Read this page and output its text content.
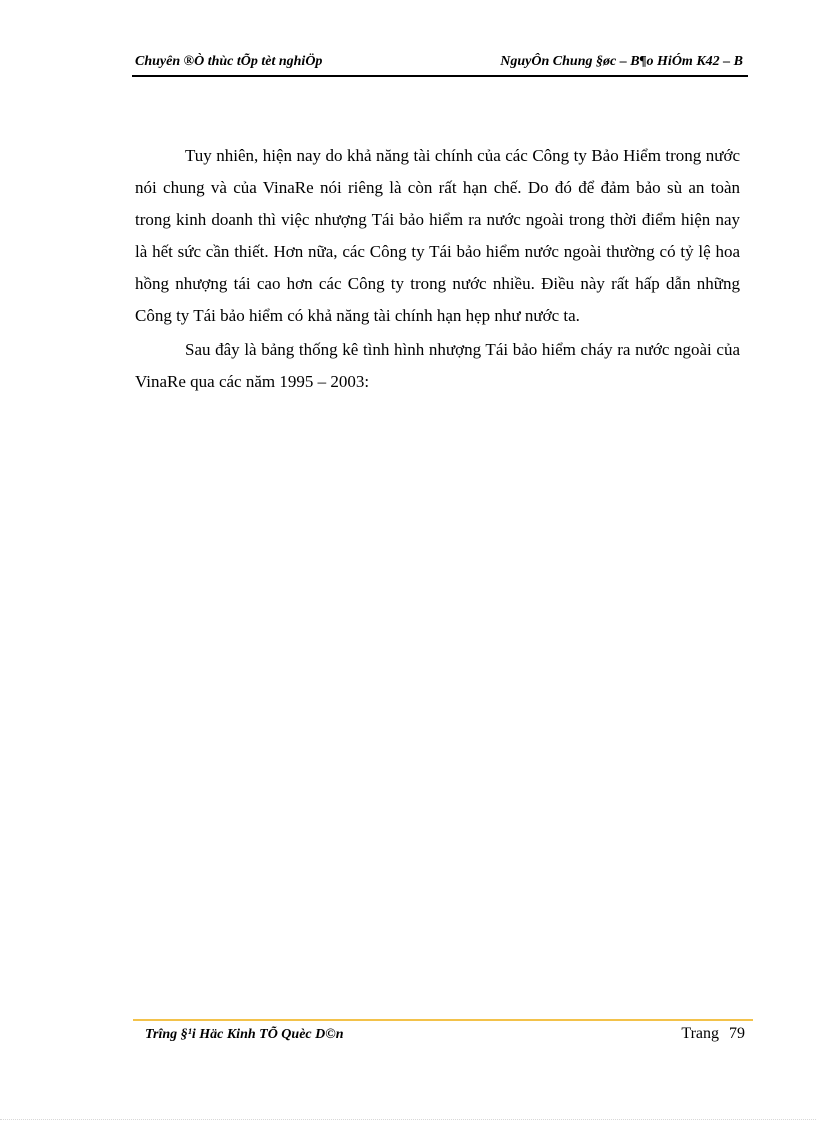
Chuyên ®Ò thùc tÕp tèt nghiÖp	NguyÔn Chung §øc – B¶o HiÓm K42 – B

Tuy nhiên, hiện nay do khả năng tài chính của các Công ty Bảo Hiểm trong nước nói chung và của VinaRe nói riêng là còn rất hạn chế. Do đó để đảm bảo sù an toàn trong kinh doanh thì việc nhượng Tái bảo hiểm ra nước ngoài trong thời điểm hiện nay là hết sức cần thiết. Hơn nữa, các Công ty Tái bảo hiểm nước ngoài thường có tỷ lệ hoa hồng nhượng tái cao hơn các Công ty trong nước nhiều. Điều này rất hấp dẫn những Công ty Tái bảo hiểm có khả năng tài chính hạn hẹp như nước ta.

Sau đây là bảng thống kê tình hình nhượng Tái bảo hiểm cháy ra nước ngoài của VinaRe qua các năm 1995 – 2003:

Trîng §¹i Häc Kinh TÕ Quèc D©n	Trang 79
